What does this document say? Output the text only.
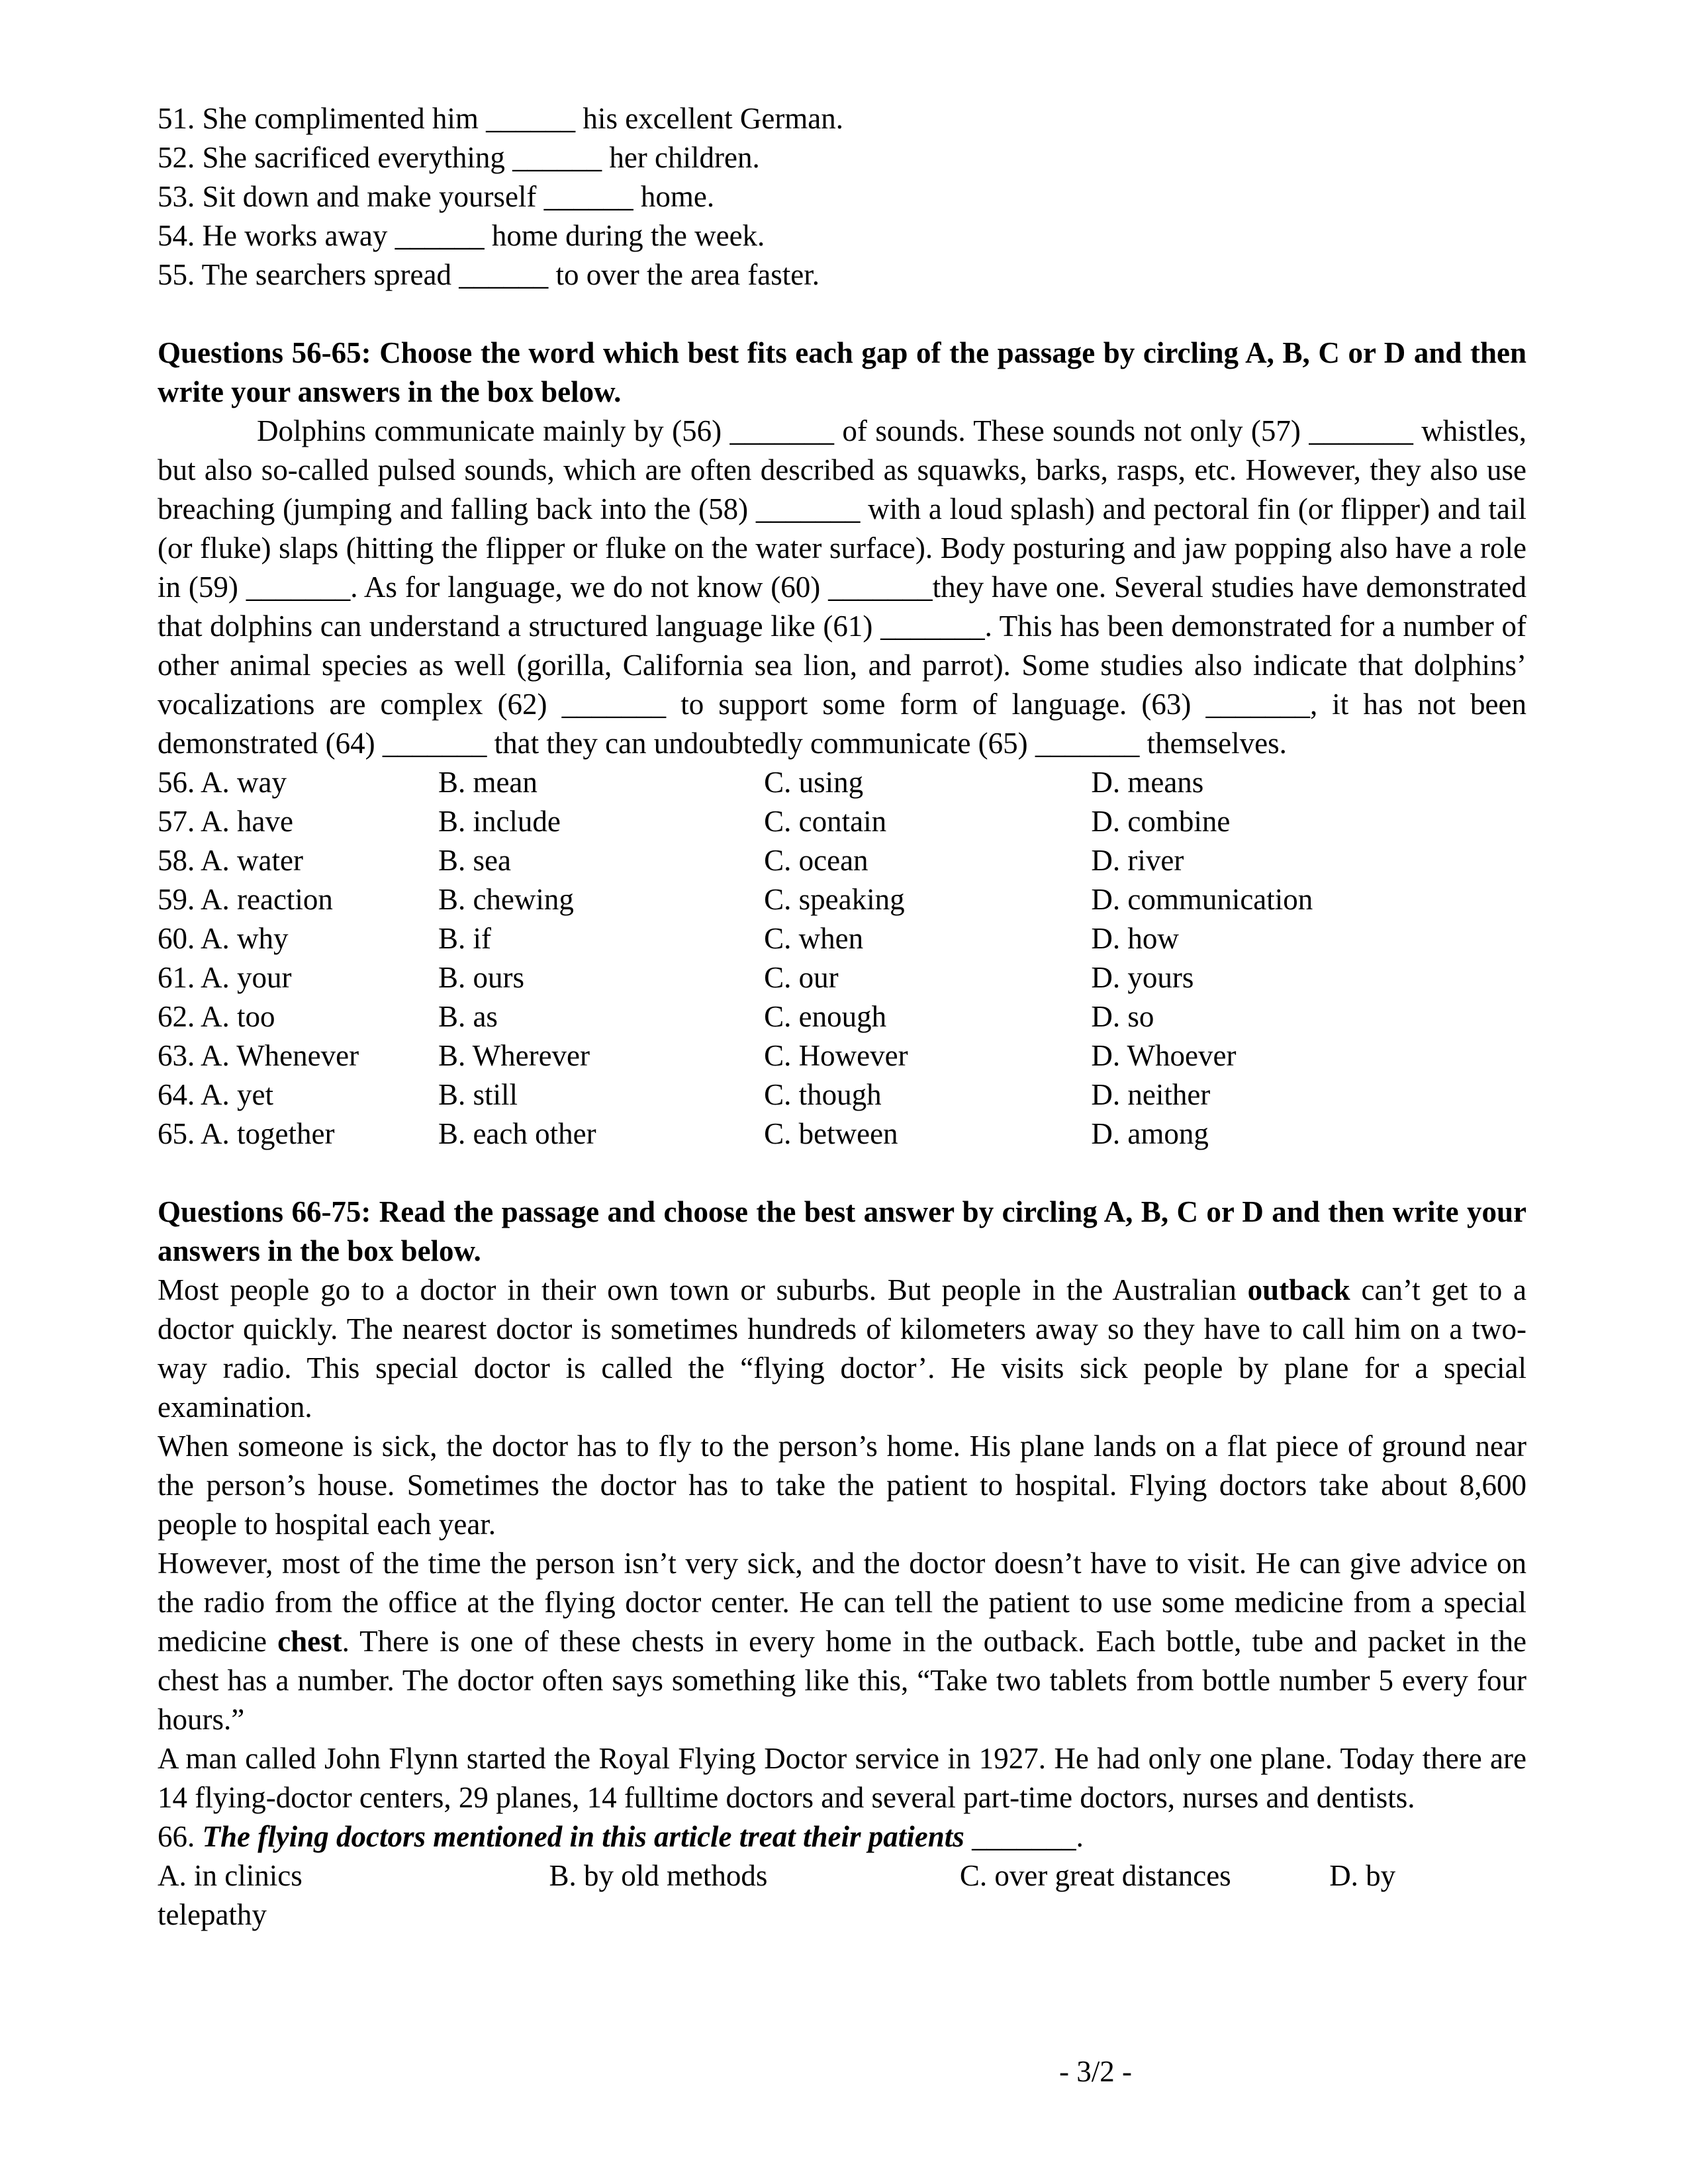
51. She complimented him ______ his excellent German.
52. She sacrificed everything ______ her children.
53. Sit down and make yourself ______ home.
54. He works away ______ home during the week.
55. The searchers spread ______ to over the area faster.
Questions 56-65: Choose the word which best fits each gap of the passage by circling A, B, C or D and then write your answers in the box below.
Dolphins communicate mainly by (56) _______ of sounds. These sounds not only (57) _______ whistles, but also so-called pulsed sounds, which are often described as squawks, barks, rasps, etc. However, they also use breaching (jumping and falling back into the (58) _______ with a loud splash) and pectoral fin (or flipper) and tail (or fluke) slaps (hitting the flipper or fluke on the water surface). Body posturing and jaw popping also have a role in (59) _______. As for language, we do not know (60) _______they have one. Several studies have demonstrated that dolphins can understand a structured language like (61) _______. This has been demonstrated for a number of other animal species as well (gorilla, California sea lion, and parrot). Some studies also indicate that dolphins’ vocalizations are complex (62) _______ to support some form of language. (63) _______, it has not been demonstrated (64) _______ that they can undoubtedly communicate (65) _______ themselves.
56. A. way	B. mean	C. using	D. means
57. A. have	B. include	C. contain	D. combine
58. A. water	B. sea	C. ocean	D. river
59. A. reaction	B. chewing	C. speaking	D. communication
60. A. why	B. if	C. when	D. how
61. A. your	B. ours	C. our	D. yours
62. A. too	B. as	C. enough	D. so
63. A. Whenever	B. Wherever	C. However	D. Whoever
64. A. yet	B. still	C. though	D. neither
65. A. together	B. each other	C. between	D. among
Questions 66-75: Read the passage and choose the best answer by circling A, B, C or D and then write your answers in the box below.
Most people go to a doctor in their own town or suburbs. But people in the Australian outback can’t get to a doctor quickly. The nearest doctor is sometimes hundreds of kilometers away so they have to call him on a two-way radio. This special doctor is called the “flying doctor’. He visits sick people by plane for a special examination.
When someone is sick, the doctor has to fly to the person’s home. His plane lands on a flat piece of ground near the person’s house. Sometimes the doctor has to take the patient to hospital. Flying doctors take about 8,600 people to hospital each year.
However, most of the time the person isn’t very sick, and the doctor doesn’t have to visit. He can give advice on the radio from the office at the flying doctor center. He can tell the patient to use some medicine from a special medicine chest. There is one of these chests in every home in the outback. Each bottle, tube and packet in the chest has a number. The doctor often says something like this, “Take two tablets from bottle number 5 every four hours.”
A man called John Flynn started the Royal Flying Doctor service in 1927. He had only one plane. Today there are 14 flying-doctor centers, 29 planes, 14 fulltime doctors and several part-time doctors, nurses and dentists.
66. The flying doctors mentioned in this article treat their patients _______.
A. in clinics	B. by old methods	C. over great distances	D. by
telepathy
- 3/2 -
